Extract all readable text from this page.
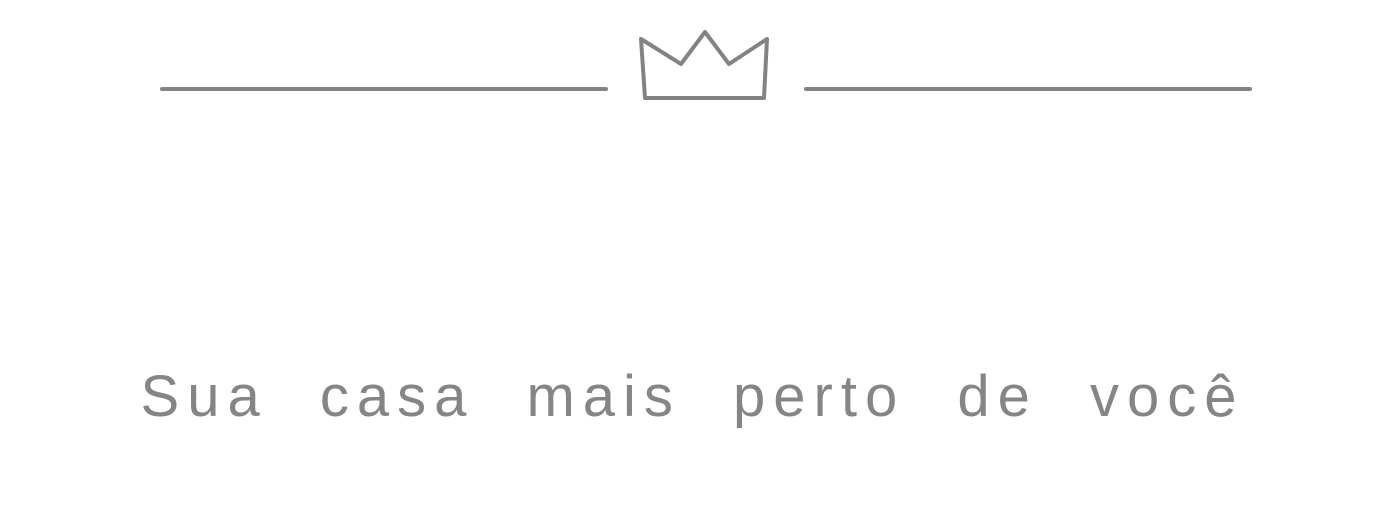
Sua casa mais perto de você
